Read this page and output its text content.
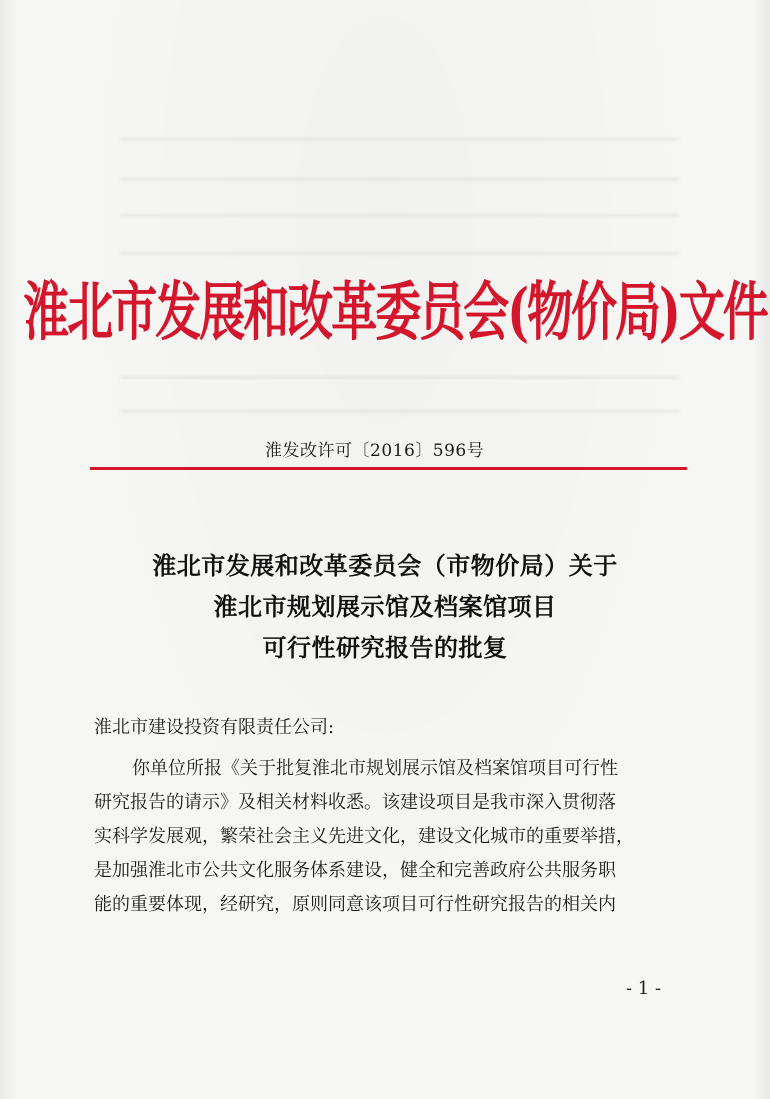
淮北市发展和改革委员会(物价局)文件
淮发改许可〔2016〕596号
淮北市发展和改革委员会（市物价局）关于
淮北市规划展示馆及档案馆项目
可行性研究报告的批复
淮北市建设投资有限责任公司:
你单位所报《关于批复淮北市规划展示馆及档案馆项目可行性
研究报告的请示》及相关材料收悉。该建设项目是我市深入贯彻落
实科学发展观，繁荣社会主义先进文化，建设文化城市的重要举措，
是加强淮北市公共文化服务体系建设，健全和完善政府公共服务职
能的重要体现，经研究，原则同意该项目可行性研究报告的相关内
- 1 -
